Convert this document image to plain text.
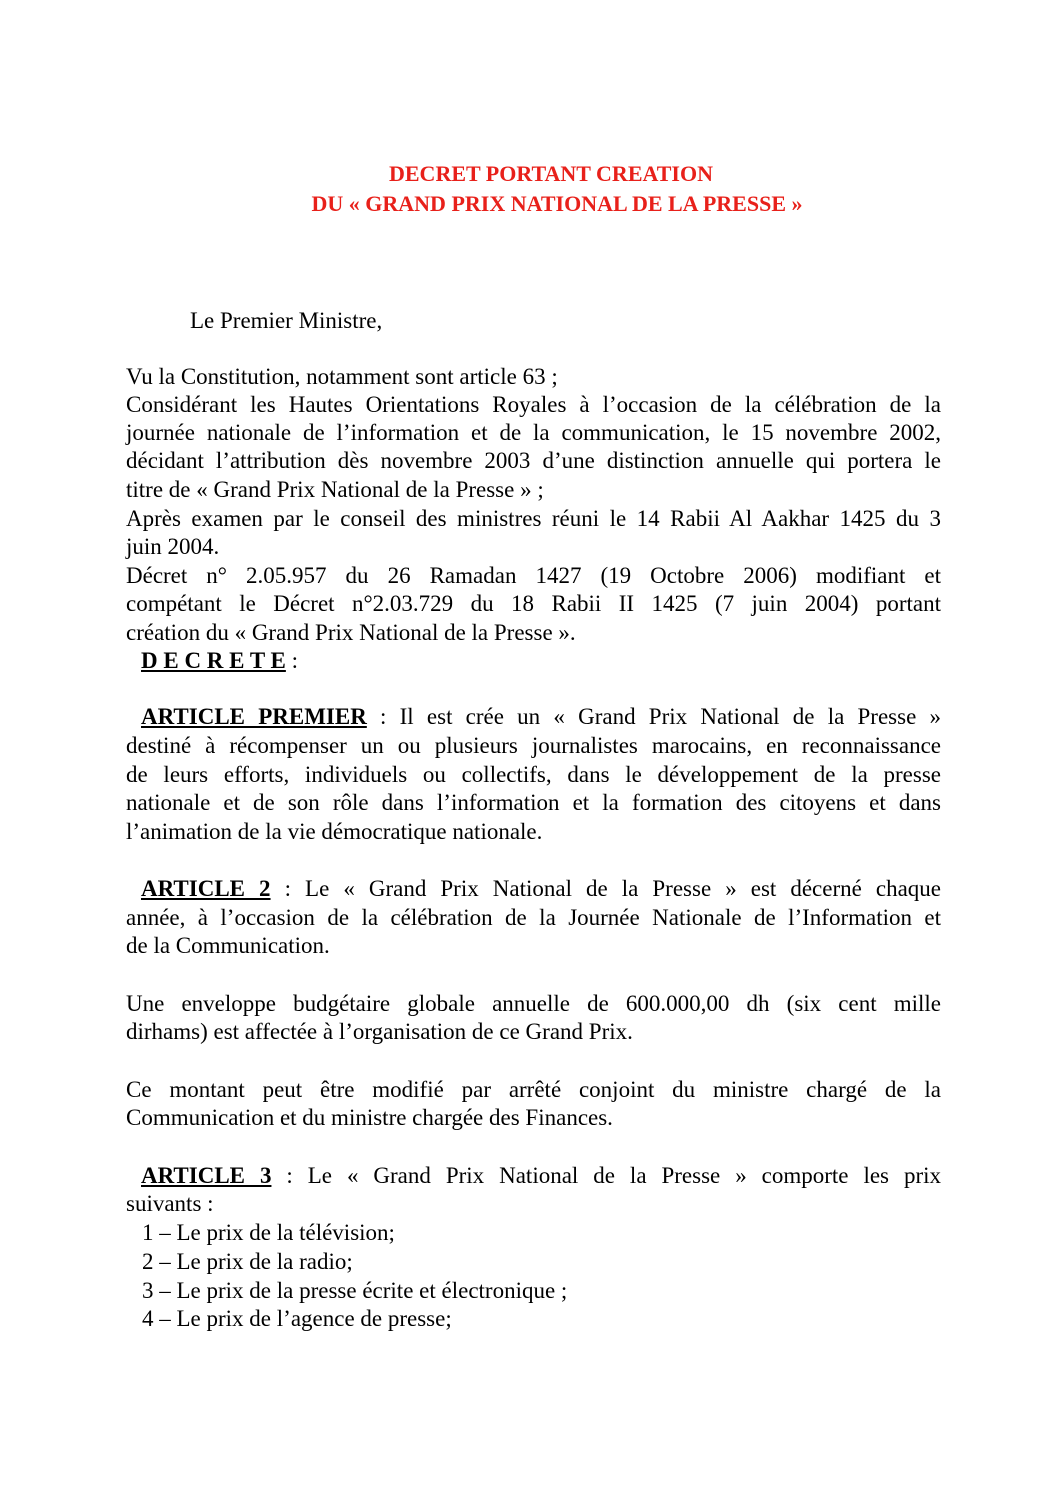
DECRET PORTANT CREATION
DU « GRAND PRIX NATIONAL DE LA PRESSE »
Le Premier Ministre,
Vu la Constitution, notamment sont article 63 ;
Considérant les Hautes Orientations Royales à l’occasion de la célébration de la
journée nationale de l’information et de la communication, le 15 novembre 2002,
décidant l’attribution dès novembre 2003 d’une distinction annuelle qui portera le
titre de « Grand Prix National de la Presse » ;
Après examen par le conseil des ministres réuni le 14 Rabii Al Aakhar 1425 du 3
juin 2004.
Décret n° 2.05.957 du 26 Ramadan 1427 (19 Octobre 2006) modifiant et
compétant le Décret n°2.03.729 du 18 Rabii II 1425 (7 juin 2004) portant
création du « Grand Prix National de la Presse ».
D E C R E T E :
ARTICLE PREMIER : Il est crée un « Grand Prix National de la Presse »
destiné à récompenser un ou plusieurs journalistes marocains, en reconnaissance
de leurs efforts, individuels ou collectifs, dans le développement de la presse
nationale et de son rôle dans l’information et la formation des citoyens et dans
l’animation de la vie démocratique nationale.
ARTICLE 2 : Le « Grand Prix National de la Presse » est décerné chaque
année, à l’occasion de la célébration de la Journée Nationale de l’Information et
de la Communication.
Une enveloppe budgétaire globale annuelle de 600.000,00 dh (six cent mille
dirhams) est affectée à l’organisation de ce Grand Prix.
Ce montant peut être modifié par arrêté conjoint du ministre chargé de la
Communication et du ministre chargée des Finances.
ARTICLE 3 : Le « Grand Prix National de la Presse » comporte les prix
suivants :
1 – Le prix de la télévision;
2 – Le prix de la radio;
3 – Le prix de la presse écrite et électronique ;
4 – Le prix de l’agence de presse;
